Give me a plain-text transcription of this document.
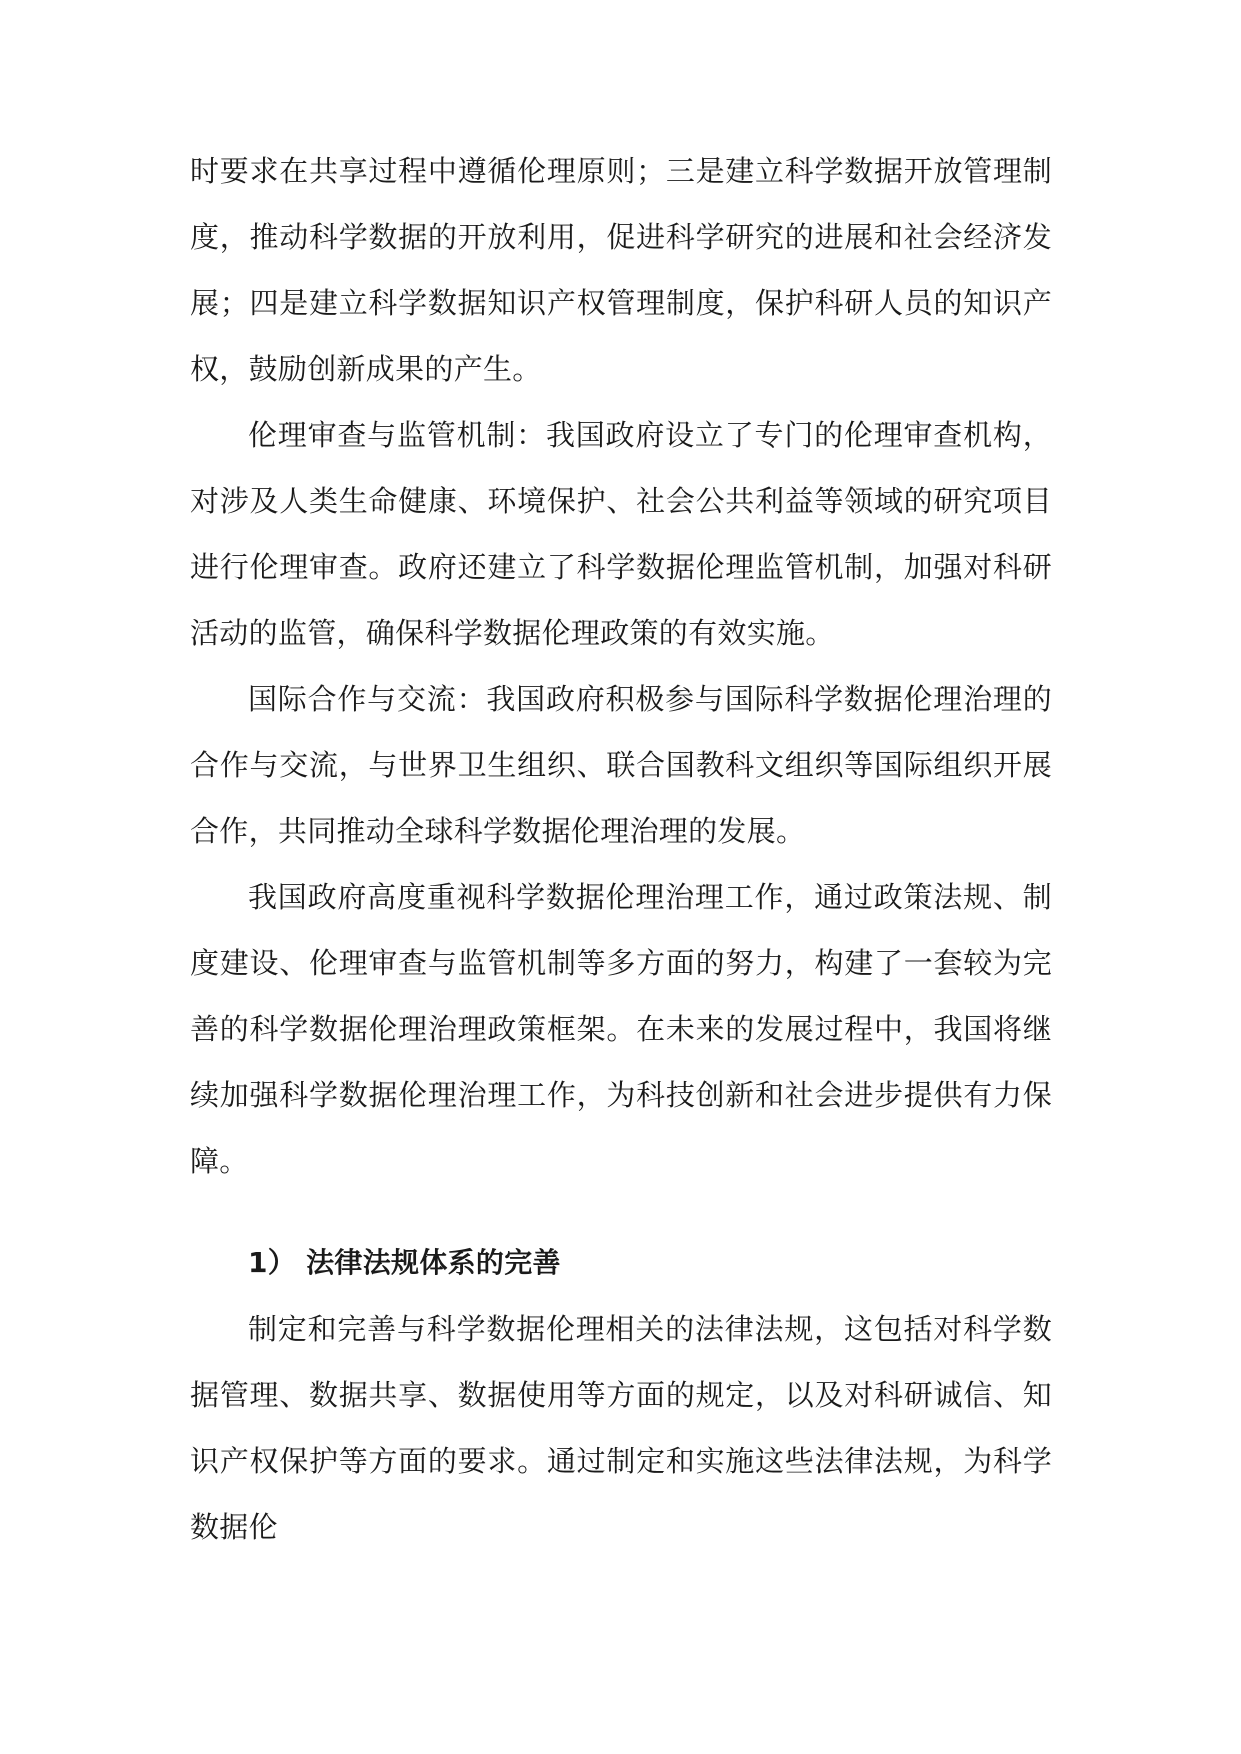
时要求在共享过程中遵循伦理原则；三是建立科学数据开放管理制度，推动科学数据的开放利用，促进科学研究的进展和社会经济发展；四是建立科学数据知识产权管理制度，保护科研人员的知识产权，鼓励创新成果的产生。

伦理审查与监管机制：我国政府设立了专门的伦理审查机构，对涉及人类生命健康、环境保护、社会公共利益等领域的研究项目进行伦理审查。政府还建立了科学数据伦理监管机制，加强对科研活动的监管，确保科学数据伦理政策的有效实施。

国际合作与交流：我国政府积极参与国际科学数据伦理治理的合作与交流，与世界卫生组织、联合国教科文组织等国际组织开展合作，共同推动全球科学数据伦理治理的发展。

我国政府高度重视科学数据伦理治理工作，通过政策法规、制度建设、伦理审查与监管机制等多方面的努力，构建了一套较为完善的科学数据伦理治理政策框架。在未来的发展过程中，我国将继续加强科学数据伦理治理工作，为科技创新和社会进步提供有力保障。

1） 法律法规体系的完善

制定和完善与科学数据伦理相关的法律法规，这包括对科学数据管理、数据共享、数据使用等方面的规定，以及对科研诚信、知识产权保护等方面的要求。通过制定和实施这些法律法规，为科学数据伦
